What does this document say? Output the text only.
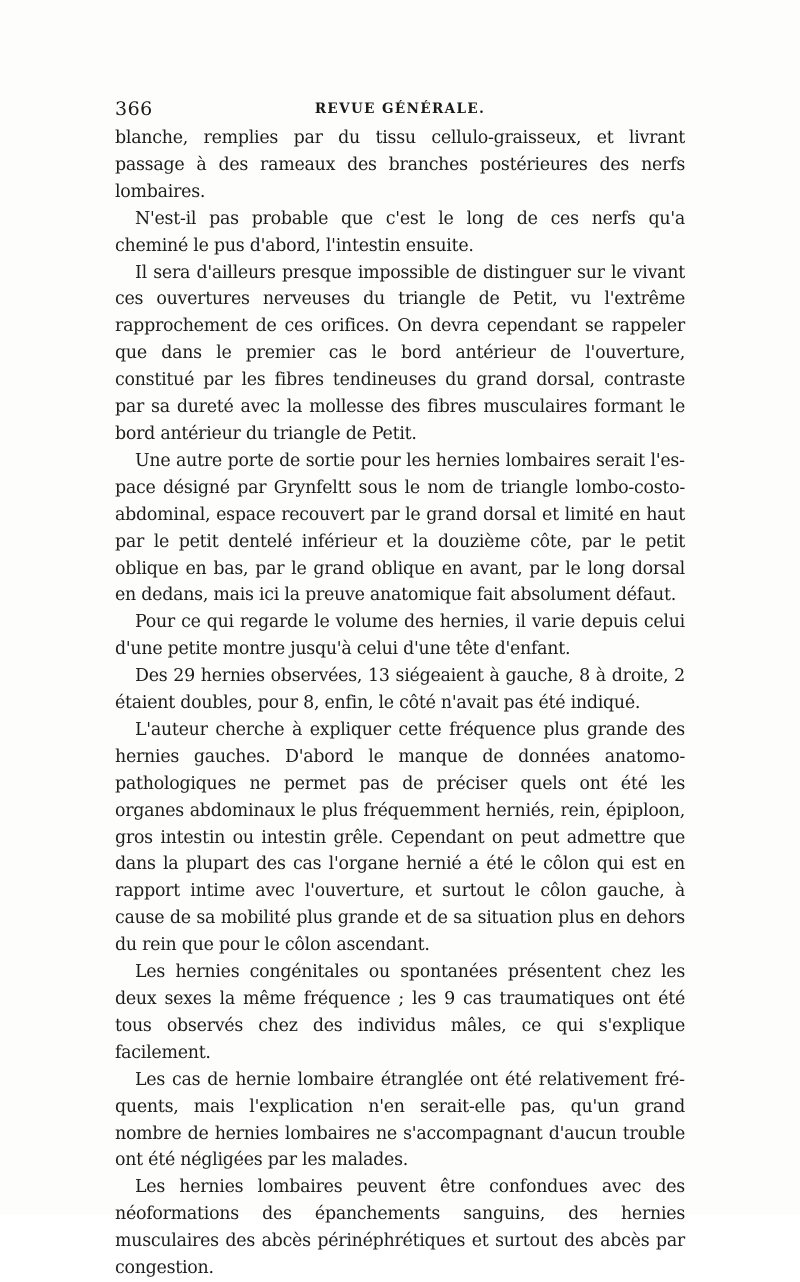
366	REVUE GÉNÉRALE.

blanche, remplies par du tissu cellulo-graisseux, et livrant passage à des rameaux des branches postérieures des nerfs lombaires.

N'est-il pas probable que c'est le long de ces nerfs qu'a cheminé le pus d'abord, l'intestin ensuite.

Il sera d'ailleurs presque impossible de distinguer sur le vivant ces ouvertures nerveuses du triangle de Petit, vu l'extrême rapprochement de ces orifices. On devra cependant se rappeler que dans le premier cas le bord antérieur de l'ouverture, constitué par les fibres tendineuses du grand dorsal, contraste par sa dureté avec la mollesse des fibres musculaires formant le bord antérieur du triangle de Petit.

Une autre porte de sortie pour les hernies lombaires serait l'espace désigné par Grynfeltt sous le nom de triangle lombo-costo-abdominal, espace recouvert par le grand dorsal et limité en haut par le petit dentelé inférieur et la douzième côte, par le petit oblique en bas, par le grand oblique en avant, par le long dorsal en dedans, mais ici la preuve anatomique fait absolument défaut.

Pour ce qui regarde le volume des hernies, il varie depuis celui d'une petite montre jusqu'à celui d'une tête d'enfant.

Des 29 hernies observées, 13 siégeaient à gauche, 8 à droite, 2 étaient doubles, pour 8, enfin, le côté n'avait pas été indiqué.

L'auteur cherche à expliquer cette fréquence plus grande des hernies gauches. D'abord le manque de données anatomo-pathologiques ne permet pas de préciser quels ont été les organes abdominaux le plus fréquemment herniés, rein, épiploon, gros intestin ou intestin grêle. Cependant on peut admettre que dans la plupart des cas l'organe hernié a été le côlon qui est en rapport intime avec l'ouverture, et surtout le côlon gauche, à cause de sa mobilité plus grande et de sa situation plus en dehors du rein que pour le côlon ascendant.

Les hernies congénitales ou spontanées présentent chez les deux sexes la même fréquence ; les 9 cas traumatiques ont été tous observés chez des individus mâles, ce qui s'explique facilement.

Les cas de hernie lombaire étranglée ont été relativement fréquents, mais l'explication n'en serait-elle pas, qu'un grand nombre de hernies lombaires ne s'accompagnant d'aucun trouble ont été négligées par les malades.

Les hernies lombaires peuvent être confondues avec des néoformations des épanchements sanguins, des hernies musculaires des abcès périnéphrétiques et surtout des abcès par congestion.
